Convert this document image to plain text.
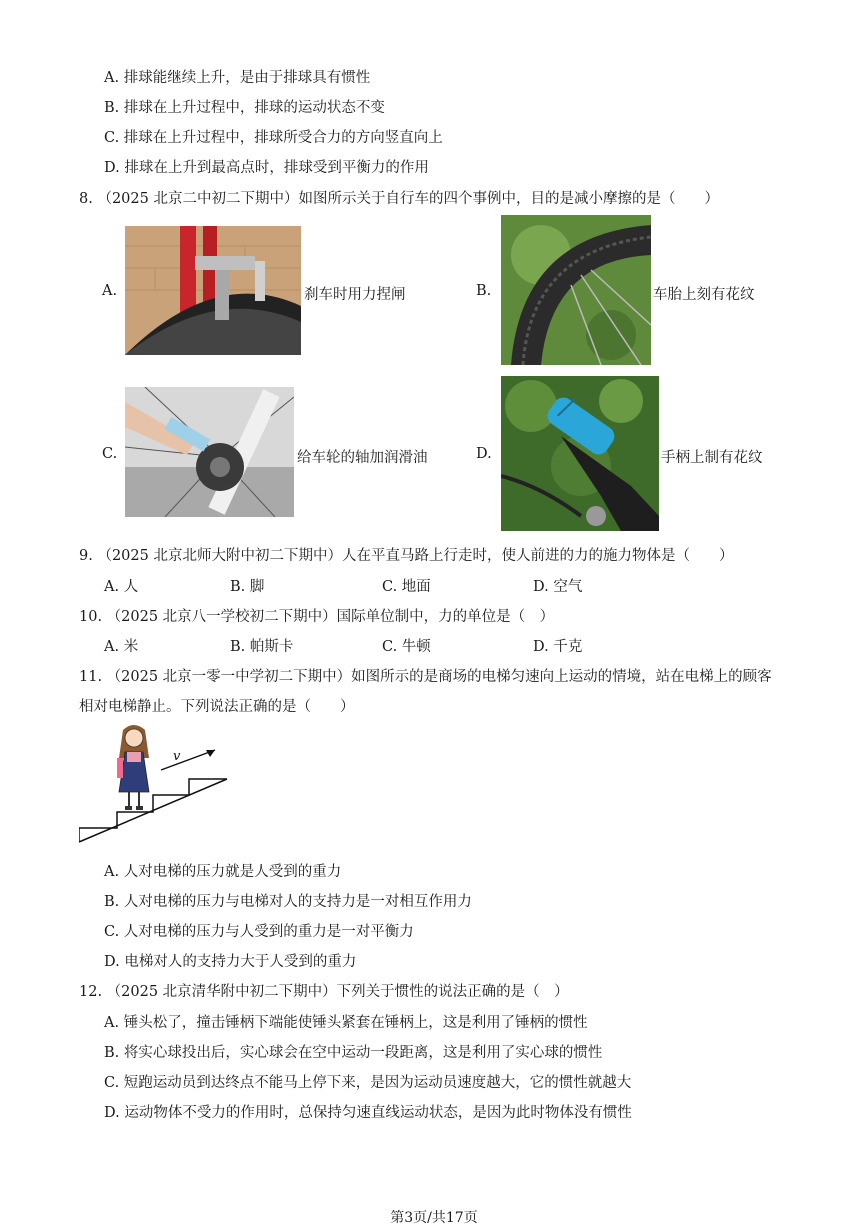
A. 排球能继续上升，是由于排球具有惯性
B. 排球在上升过程中，排球的运动状态不变
C. 排球在上升过程中，排球所受合力的方向竖直向上
D. 排球在上升到最高点时，排球受到平衡力的作用
8. （2025 北京二中初二下期中）如图所示关于自行车的四个事例中，目的是减小摩擦的是（　　）
A.	刹车时用力捏闸	B.	车胎上刻有花纹
C.	给车轮的轴加润滑油	D.	手柄上制有花纹
9. （2025 北京北师大附中初二下期中）人在平直马路上行走时，使人前进的力的施力物体是（　　）
A. 人	B. 脚	C. 地面	D. 空气
10. （2025 北京八一学校初二下期中）国际单位制中，力的单位是（　）
A. 米	B. 帕斯卡	C. 牛顿	D. 千克
11. （2025 北京一零一中学初二下期中）如图所示的是商场的电梯匀速向上运动的情境，站在电梯上的顾客
相对电梯静止。下列说法正确的是（　　）
v
A. 人对电梯的压力就是人受到的重力
B. 人对电梯的压力与电梯对人的支持力是一对相互作用力
C. 人对电梯的压力与人受到的重力是一对平衡力
D. 电梯对人的支持力大于人受到的重力
12. （2025 北京清华附中初二下期中）下列关于惯性的说法正确的是（　）
A. 锤头松了，撞击锤柄下端能使锤头紧套在锤柄上，这是利用了锤柄的惯性
B. 将实心球投出后，实心球会在空中运动一段距离，这是利用了实心球的惯性
C. 短跑运动员到达终点不能马上停下来，是因为运动员速度越大，它的惯性就越大
D. 运动物体不受力的作用时，总保持匀速直线运动状态，是因为此时物体没有惯性
第3页/共17页
